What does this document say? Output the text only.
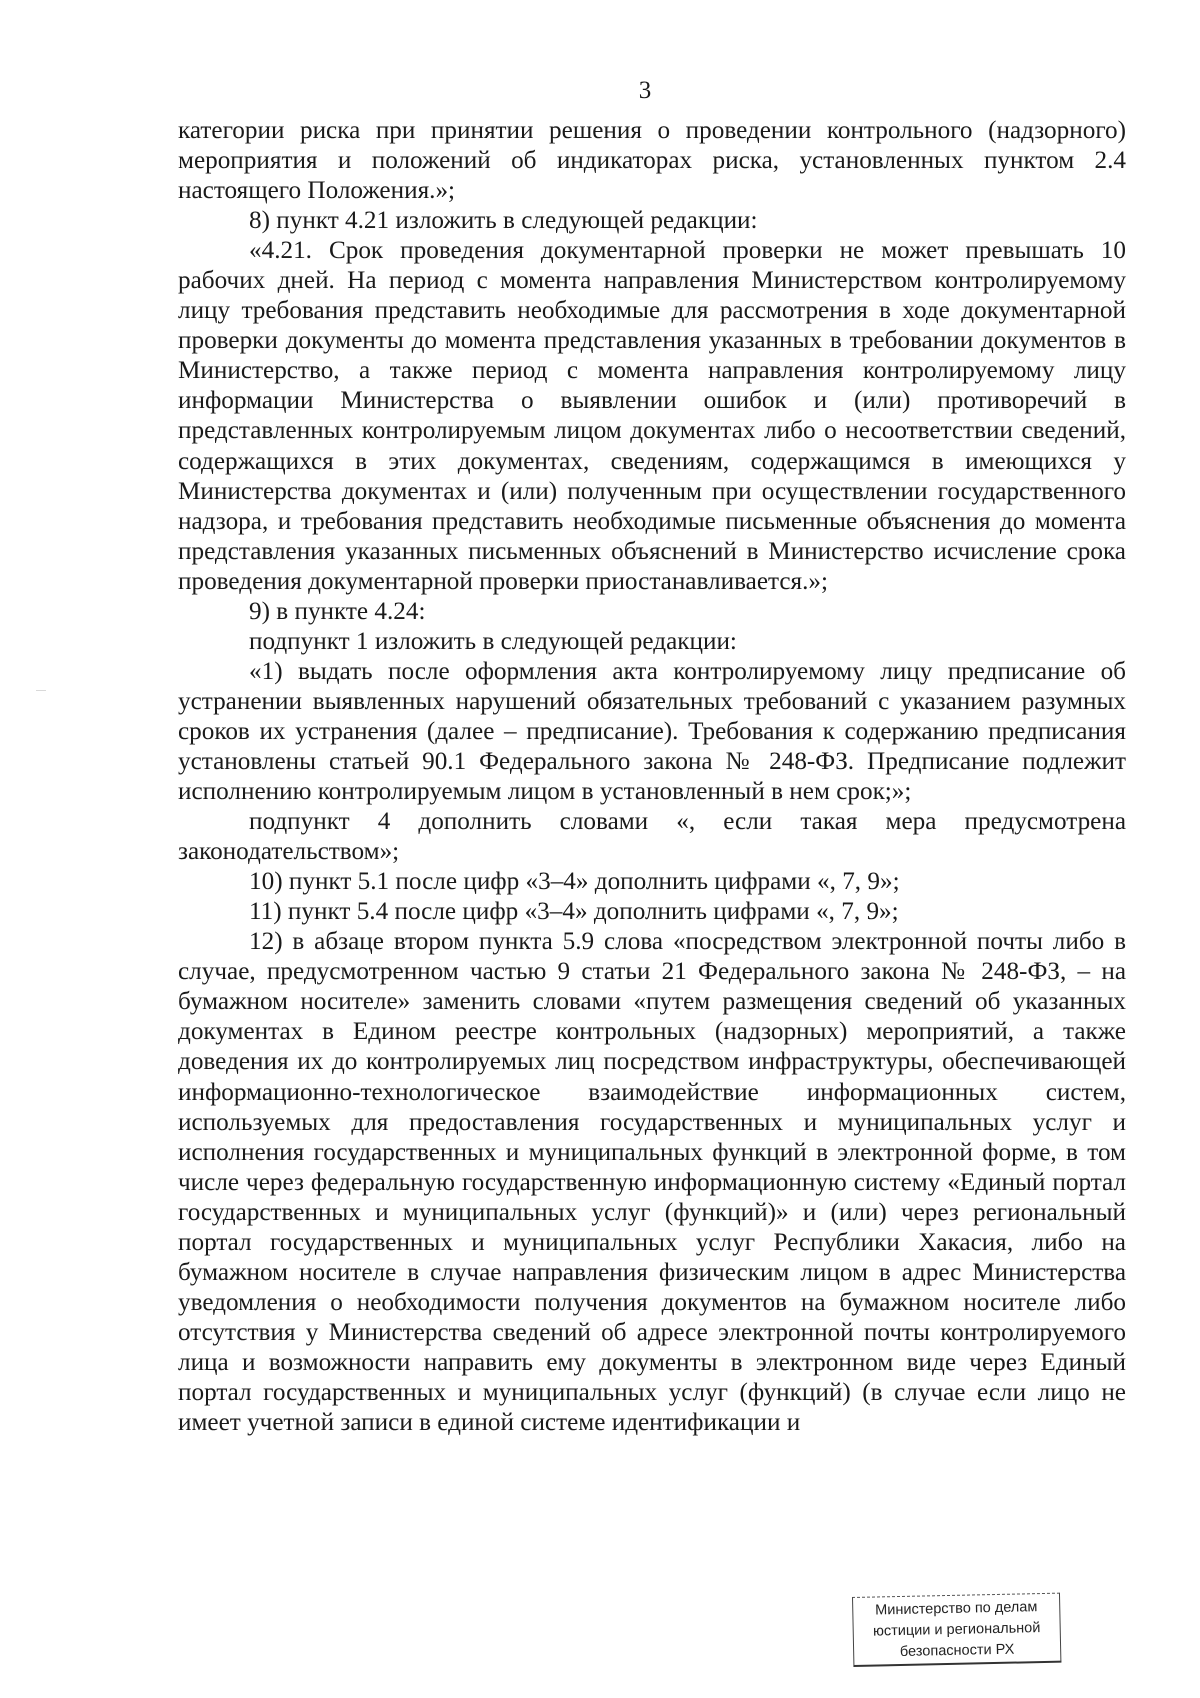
3

категории риска при принятии решения о проведении контрольного (надзорного) мероприятия и положений об индикаторах риска, установленных пунктом 2.4 настоящего Положения.»;

8) пункт 4.21 изложить в следующей редакции:

«4.21. Срок проведения документарной проверки не может превышать 10 рабочих дней. На период с момента направления Министерством контролируемому лицу требования представить необходимые для рассмотрения в ходе документарной проверки документы до момента представления указанных в требовании документов в Министерство, а также период с момента направления контролируемому лицу информации Министерства о выявлении ошибок и (или) противоречий в представленных контролируемым лицом документах либо о несоответствии сведений, содержащихся в этих документах, сведениям, содержащимся в имеющихся у Министерства документах и (или) полученным при осуществлении государственного надзора, и требования представить необходимые письменные объяснения до момента представления указанных письменных объяснений в Министерство исчисление срока проведения документарной проверки приостанавливается.»;

9) в пункте 4.24:

подпункт 1 изложить в следующей редакции:

«1) выдать после оформления акта контролируемому лицу предписание об устранении выявленных нарушений обязательных требований с указанием разумных сроков их устранения (далее – предписание). Требования к содержанию предписания установлены статьей 90.1 Федерального закона № 248-ФЗ. Предписание подлежит исполнению контролируемым лицом в установленный в нем срок;»;

подпункт 4 дополнить словами «, если такая мера предусмотрена законодательством»;

10) пункт 5.1 после цифр «3–4» дополнить цифрами «, 7, 9»;

11) пункт 5.4 после цифр «3–4» дополнить цифрами «, 7, 9»;

12) в абзаце втором пункта 5.9 слова «посредством электронной почты либо в случае, предусмотренном частью 9 статьи 21 Федерального закона № 248-ФЗ, – на бумажном носителе» заменить словами «путем размещения сведений об указанных документах в Едином реестре контрольных (надзорных) мероприятий, а также доведения их до контролируемых лиц посредством инфраструктуры, обеспечивающей информационно-технологическое взаимодействие информационных систем, используемых для предоставления государственных и муниципальных услуг и исполнения государственных и муниципальных функций в электронной форме, в том числе через федеральную государственную информационную систему «Единый портал государственных и муниципальных услуг (функций)» и (или) через региональный портал государственных и муниципальных услуг Республики Хакасия, либо на бумажном носителе в случае направления физическим лицом в адрес Министерства уведомления о необходимости получения документов на бумажном носителе либо отсутствия у Министерства сведений об адресе электронной почты контролируемого лица и возможности направить ему документы в электронном виде через Единый портал государственных и муниципальных услуг (функций) (в случае если лицо не имеет учетной записи в единой системе идентификации и

Министерство по делам
юстиции и региональной
безопасности РХ
